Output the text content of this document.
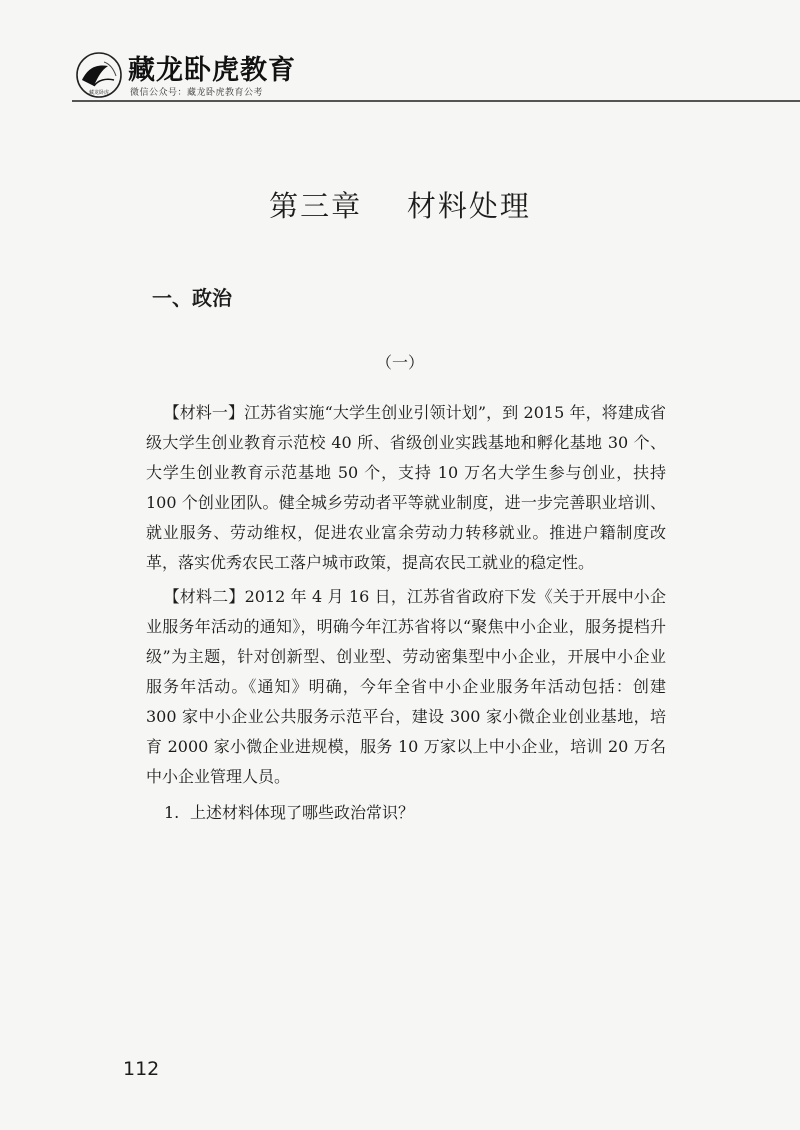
藏龙卧虎
藏龙卧虎教育
微信公众号：藏龙卧虎教育公考
第三章    材料处理
一、政治
（一）

【材料一】江苏省实施“大学生创业引领计划”，到 2015 年，将建成省级大学生创业教育示范校 40 所、省级创业实践基地和孵化基地 30 个、大学生创业教育示范基地 50 个，支持 10 万名大学生参与创业，扶持 100 个创业团队。健全城乡劳动者平等就业制度，进一步完善职业培训、就业服务、劳动维权，促进农业富余劳动力转移就业。推进户籍制度改革，落实优秀农民工落户城市政策，提高农民工就业的稳定性。

【材料二】2012 年 4 月 16 日，江苏省省政府下发《关于开展中小企业服务年活动的通知》，明确今年江苏省将以“聚焦中小企业，服务提档升级”为主题，针对创新型、创业型、劳动密集型中小企业，开展中小企业服务年活动。《通知》明确，今年全省中小企业服务年活动包括：创建 300 家中小企业公共服务示范平台，建设 300 家小微企业创业基地，培育 2000 家小微企业进规模，服务 10 万家以上中小企业，培训 20 万名中小企业管理人员。

1. 上述材料体现了哪些政治常识？

112
